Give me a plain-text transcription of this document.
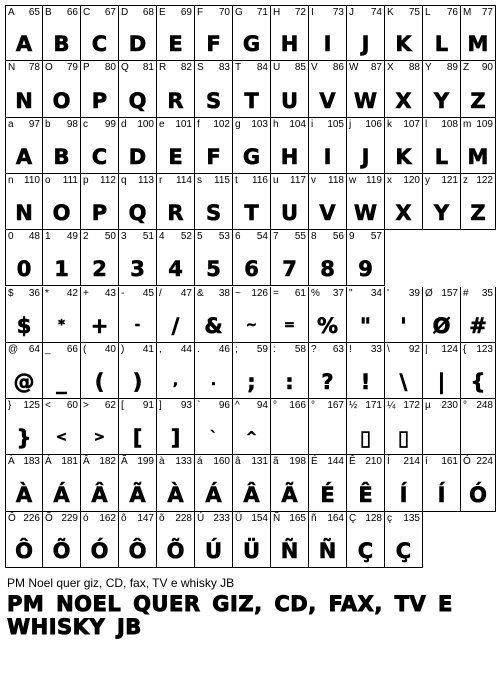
A 65
A
B 66
B
C 67
C
D 68
D
E 69
E
F 70
F
G 71
G
H 72
H
I 73
I
J 74
J
K 75
K
L 76
L
M 77
M
N 78
N
O 79
O
P 80
P
Q 81
Q
R 82
R
S 83
S
T 84
T
U 85
U
V 86
V
W 87
W
X 88
X
Y 89
Y
Z 90
Z
a 97
A
b 98
B
c 99
C
d 100
D
e 101
E
f 102
F
g 103
G
h 104
H
i 105
I
j 106
J
k 107
K
l 108
L
m 109
M
n 110
N
o 111
O
p 112
P
q 113
Q
r 114
R
s 115
S
t 116
T
u 117
U
v 118
V
w 119
W
x 120
X
y 121
Y
z 122
Z
0 48
0
1 49
1
2 50
2
3 51
3
4 52
4
5 53
5
6 54
6
7 55
7
8 56
8
9 57
9
$ 36
$
* 42
*
+ 43
+
- 45
-
/ 47
/
& 38
&
~ 126
~
= 61
=
% 37
%
" 34
"
' 39
'
Ø 157
Ø
# 35
#
@ 64
@
_ 66
_
( 40
(
) 41
)
, 44
,
. 46
.
; 59
;
: 58
:
? 63
?
! 33
!
\ 92
\
| 124
|
{ 123
{
} 125
}
< 60
<
> 62
>
[ 91
[
] 93
]
` 96
`
^ 94
^
° 166 ° 167 ½ 171
▯
¼ 172
▯
µ 230 ° 248
À 183
À
Á 181
Á
Â 182
Â
Ã 199
Ã
à 133
À
á 160
Á
â 131
Â
ã 198
Ã
É 144
É
Ê 210
Ê
Í 214
Í
í 161
Í
Ó 224
Ó
Ô 226
Ô
Õ 229
Õ
ó 162
Ó
ô 147
Ô
õ 228
Õ
Ú 233
Ú
Ü 154
Ü
Ñ 165
Ñ
ñ 164
Ñ
Ç 128
Ç
ç 135
Ç
PM Noel quer giz, CD, fax, TV e whisky JB
PM NOEL QUER GIZ, CD, FAX, TV E WHISKY JB
